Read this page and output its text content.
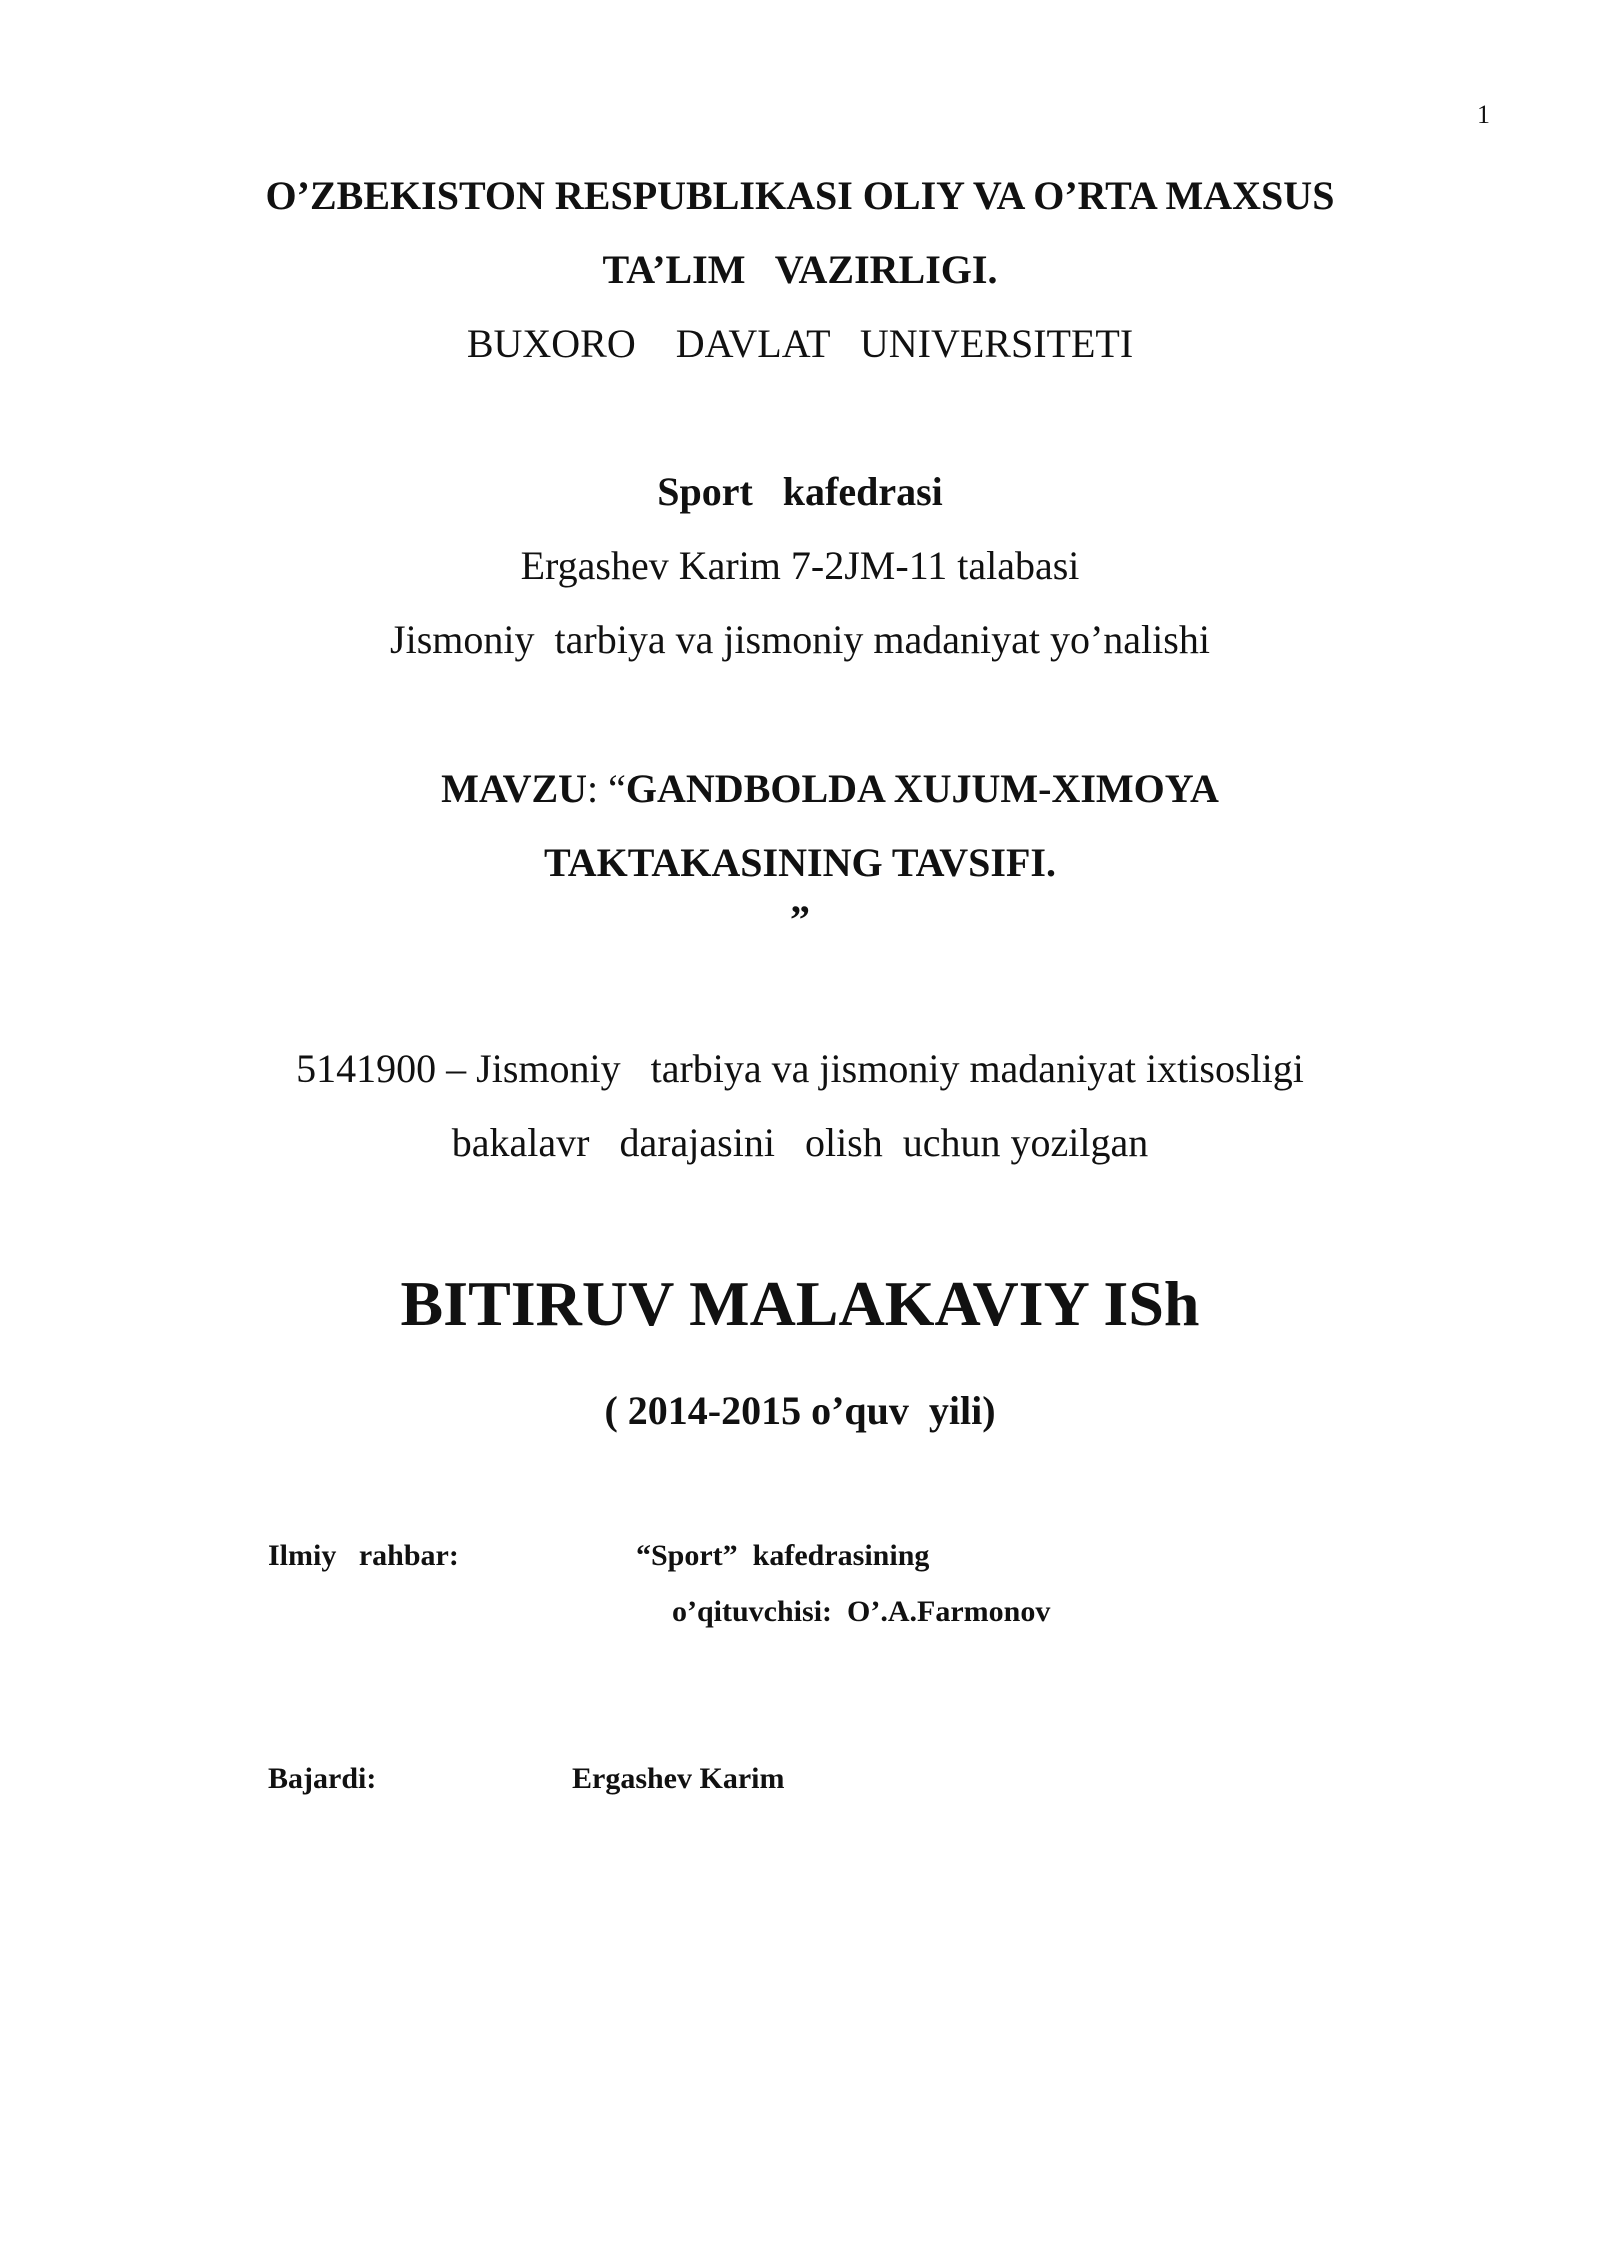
1
O’ZBEKISTON RESPUBLIKASI OLIY VA O’RTA MAXSUS
TA’LIM   VAZIRLIGI.
BUXORO    DAVLAT   UNIVERSITETI
Sport   kafedrasi
Ergashev Karim 7-2JM-11 talabasi
Jismoniy  tarbiya va jismoniy madaniyat yo’nalishi
MAVZU: “GANDBOLDA XUJUM-XIMOYA
TAKTAKASINING TAVSIFI.
”
5141900 – Jismoniy   tarbiya va jismoniy madaniyat ixtisosligi
bakalavr   darajasini   olish  uchun yozilgan
BITIRUV MALAKAVIY ISh
( 2014-2015 o’quv  yili)
Ilmiy   rahbar:	“Sport”  kafedrasining
o’qituvchisi:  O’.A.Farmonov
Bajardi:	Ergashev Karim
